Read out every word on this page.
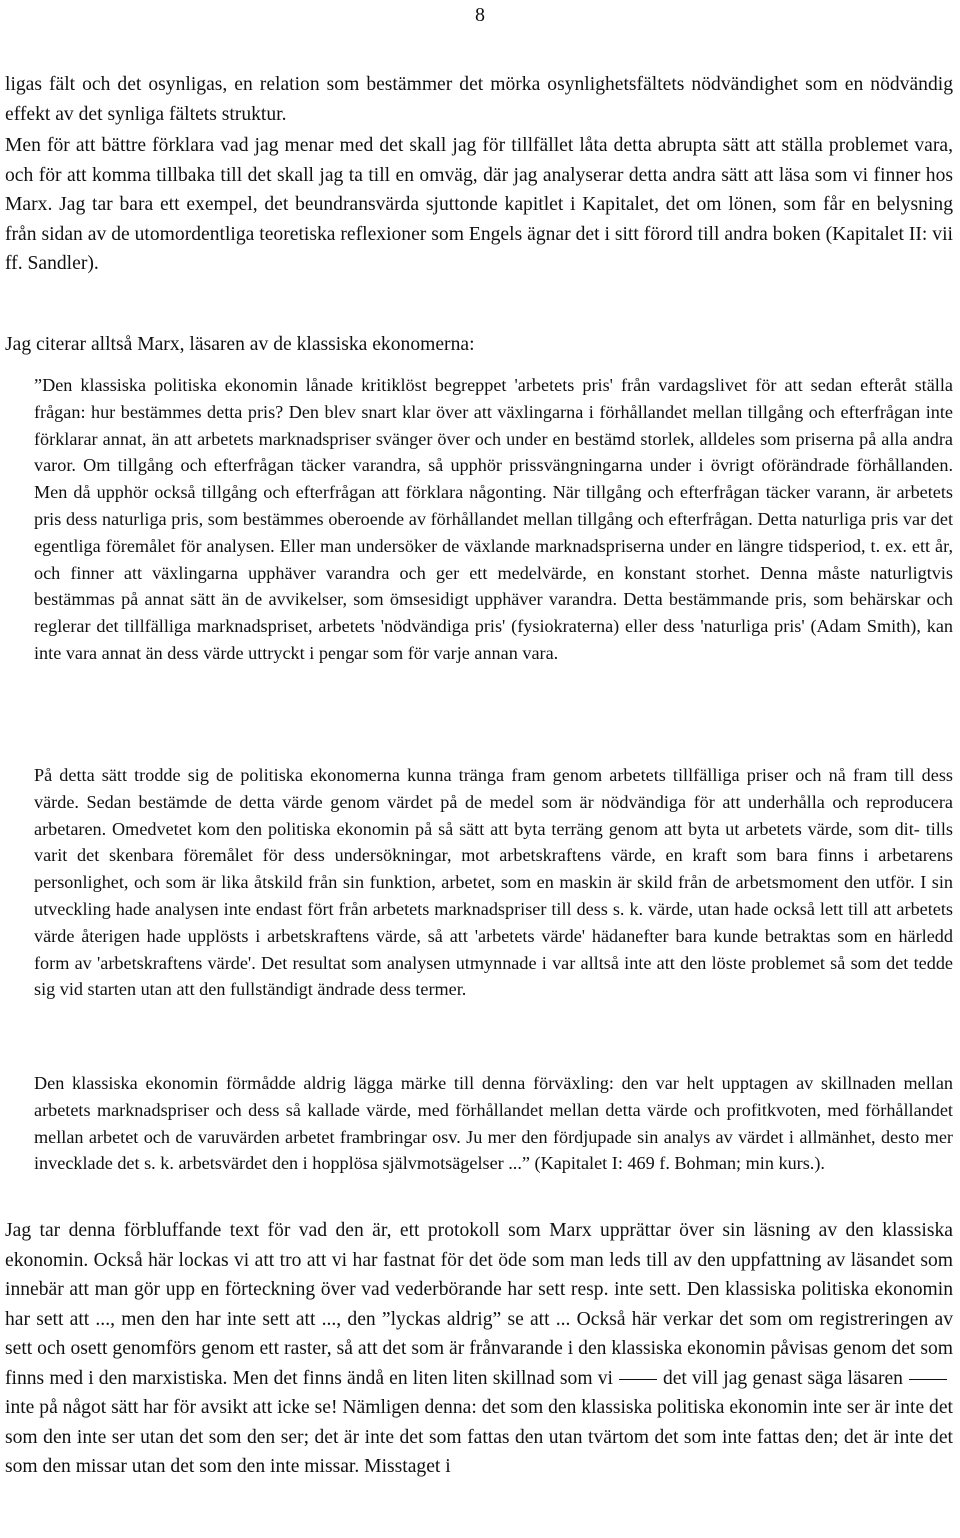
8

ligas fält och det osynligas, en relation som bestämmer det mörka osynlighetsfältets nödvändighet som en nödvändig effekt av det synliga fältets struktur.

Men för att bättre förklara vad jag menar med det skall jag för tillfället låta detta abrupta sätt att ställa problemet vara, och för att komma tillbaka till det skall jag ta till en omväg, där jag analyserar detta andra sätt att läsa som vi finner hos Marx. Jag tar bara ett exempel, det beundransvärda sjuttonde kapitlet i Kapitalet, det om lönen, som får en belysning från sidan av de utomordentliga teoretiska reflexioner som Engels ägnar det i sitt förord till andra boken (Kapitalet II: vii ff. Sandler).

Jag citerar alltså Marx, läsaren av de klassiska ekonomerna:

”Den klassiska politiska ekonomin lånade kritiklöst begreppet 'arbetets pris' från vardagslivet för att sedan efteråt ställa frågan: hur bestämmes detta pris? Den blev snart klar över att växlingarna i förhållandet mellan tillgång och efterfrågan inte förklarar annat, än att arbetets marknadspriser svänger över och under en bestämd storlek, alldeles som priserna på alla andra varor. Om tillgång och efterfrågan täcker varandra, så upphör prissvängningarna under i övrigt oförändrade förhållanden. Men då upphör också tillgång och efterfrågan att förklara någonting. När tillgång och efterfrågan täcker varann, är arbetets pris dess naturliga pris, som bestämmes oberoende av förhållandet mellan tillgång och efterfrågan. Detta naturliga pris var det egentliga föremålet för analysen. Eller man undersöker de växlande marknadspriserna under en längre tidsperiod, t. ex. ett år, och finner att växlingarna upphäver varandra och ger ett medelvärde, en konstant storhet. Denna måste naturligtvis bestämmas på annat sätt än de avvikelser, som ömsesidigt upphäver varandra. Detta bestämmande pris, som behärskar och reglerar det tillfälliga marknadspriset, arbetets 'nödvändiga pris' (fysiokraterna) eller dess 'naturliga pris' (Adam Smith), kan inte vara annat än dess värde uttryckt i pengar som för varje annan vara.

På detta sätt trodde sig de politiska ekonomerna kunna tränga fram genom arbetets tillfälliga priser och nå fram till dess värde. Sedan bestämde de detta värde genom värdet på de medel som är nödvändiga för att underhålla och reproducera arbetaren. Omedvetet kom den politiska ekonomin på så sätt att byta terräng genom att byta ut arbetets värde, som dit- tills varit det skenbara föremålet för dess undersökningar, mot arbetskraftens värde, en kraft som bara finns i arbetarens personlighet, och som är lika åtskild från sin funktion, arbetet, som en maskin är skild från de arbetsmoment den utför. I sin utveckling hade analysen inte endast fört från arbetets marknadspriser till dess s. k. värde, utan hade också lett till att arbetets värde återigen hade upplösts i arbetskraftens värde, så att 'arbetets värde' hädanefter bara kunde betraktas som en härledd form av 'arbetskraftens värde'. Det resultat som analysen utmynnade i var alltså inte att den löste problemet så som det tedde sig vid starten utan att den fullständigt ändrade dess termer.

Den klassiska ekonomin förmådde aldrig lägga märke till denna förväxling: den var helt upptagen av skillnaden mellan arbetets marknadspriser och dess så kallade värde, med förhållandet mellan detta värde och profitkvoten, med förhållandet mellan arbetet och de varuvärden arbetet frambringar osv. Ju mer den fördjupade sin analys av värdet i allmänhet, desto mer invecklade det s. k. arbetsvärdet den i hopplösa självmotsägelser ...” (Kapitalet I: 469 f. Bohman; min kurs.).

Jag tar denna förbluffande text för vad den är, ett protokoll som Marx upprättar över sin läsning av den klassiska ekonomin. Också här lockas vi att tro att vi har fastnat för det öde som man leds till av den uppfattning av läsandet som innebär att man gör upp en förteckning över vad vederbörande har sett resp. inte sett. Den klassiska politiska ekonomin har sett att ..., men den har inte sett att ..., den ”lyckas aldrig” se att ... Också här verkar det som om registreringen av sett och osett genomförs genom ett raster, så att det som är frånvarande i den klassiska ekonomin påvisas genom det som finns med i den marxistiska. Men det finns ändå en liten liten skillnad som vi	det vill jag genast säga läsareninte på något sätt har för avsikt att icke se! Nämligen denna: det som den klassiska politiska ekonomin inte ser är inte det som den inte ser utan det som den ser; det är inte det som fattas den utan tvärtom det som inte fattas den; det är inte det som den missar utan det som den inte missar. Misstaget i
